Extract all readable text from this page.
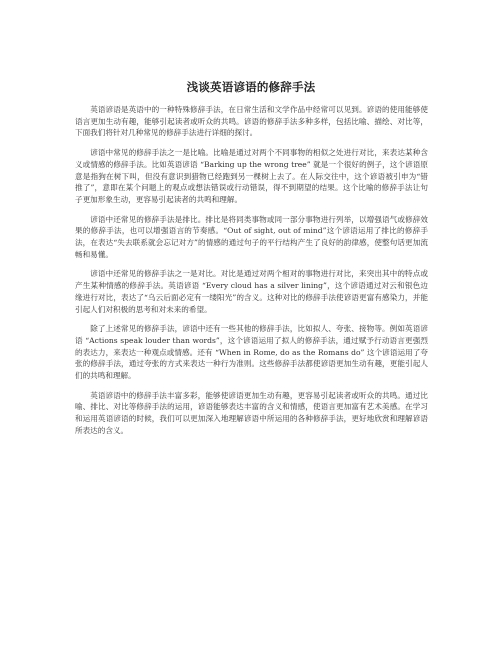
浅谈英语谚语的修辞手法

英语谚语是英语中的一种特殊修辞手法，在日常生活和文学作品中经常可以见到。谚语的使用能够使语言更加生动有趣，能够引起读者或听众的共鸣。谚语的修辞手法多种多样，包括比喻、描绘、对比等，下面我们将针对几种常见的修辞手法进行详细的探讨。

谚语中常见的修辞手法之一是比喻。比喻是通过对两个不同事物的相似之处进行对比，来表达某种含义或情感的修辞手法。比如英语谚语 “Barking up the wrong tree” 就是一个很好的例子，这个谚语原意是指狗在树下叫，但没有意识到猎物已经跑到另一棵树上去了。在人际交往中，这个谚语被引申为“错推了”，意即在某个问题上的观点或想法错误或行动错误，得不到期望的结果。这个比喻的修辞手法让句子更加形象生动，更容易引起读者的共鸣和理解。

谚语中还常见的修辞手法是排比。排比是将同类事物或同一部分事物进行列举，以增强语气或修辞效果的修辞手法，也可以增强语言的节奏感。“Out of sight, out of mind”这个谚语运用了排比的修辞手法，在表达“失去联系就会忘记对方”的情感的通过句子的平行结构产生了良好的韵律感，使整句话更加流畅和易懂。

谚语中还常见的修辞手法之一是对比。对比是通过对两个相对的事物进行对比，来突出其中的特点或产生某种情感的修辞手法。英语谚语 “Every cloud has a silver lining”，这个谚语通过对云和银色边缘进行对比，表达了“乌云后面必定有一缕阳光”的含义。这种对比的修辞手法使谚语更富有感染力，并能引起人们对积极的思考和对未来的希望。

除了上述常见的修辞手法，谚语中还有一些其他的修辞手法，比如拟人、夸张、接物等。例如英语谚语 “Actions speak louder than words”，这个谚语运用了拟人的修辞手法，通过赋予行动语言更强烈的表达力，来表达一种观点或情感。还有 “When in Rome, do as the Romans do” 这个谚语运用了夸张的修辞手法，通过夸张的方式来表达一种行为准则。这些修辞手法都使谚语更加生动有趣，更能引起人们的共鸣和理解。

英语谚语中的修辞手法丰富多彩，能够使谚语更加生动有趣，更容易引起读者或听众的共鸣。通过比喻、排比、对比等修辞手法的运用，谚语能够表达丰富的含义和情感，使语言更加富有艺术美感。在学习和运用英语谚语的时候，我们可以更加深入地理解谚语中所运用的各种修辞手法，更好地欣赏和理解谚语所表达的含义。
